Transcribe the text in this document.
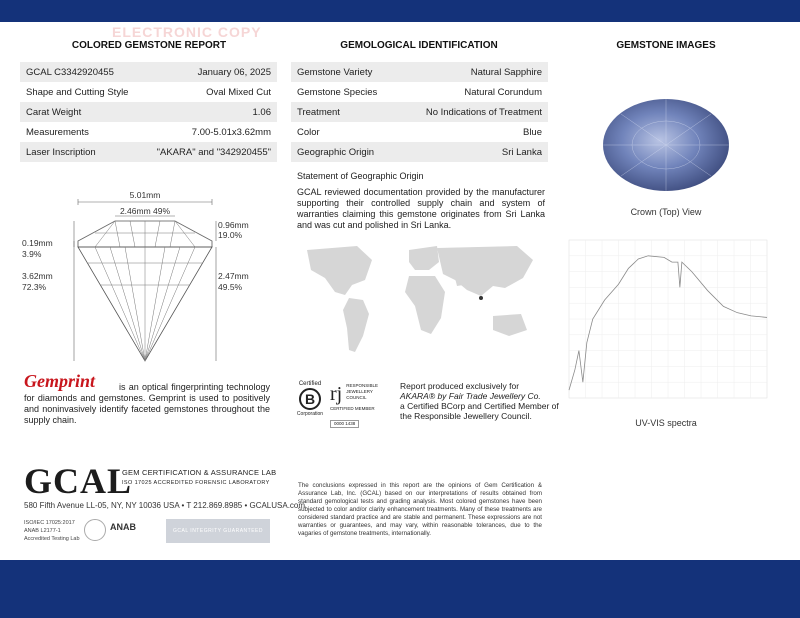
ELECTRONIC COPY
COLORED GEMSTONE REPORT	GEMOLOGICAL IDENTIFICATION	GEMSTONE IMAGES
GCAL C3342920455	January 06, 2025
Shape and Cutting Style	Oval Mixed Cut
Carat Weight	1.06
Measurements	7.00-5.01x3.62mm
Laser Inscription	"AKARA" and "342920455"
Gemstone Variety	Natural Sapphire
Gemstone Species	Natural Corundum
Treatment	No Indications of Treatment
Color	Blue
Geographic Origin	Sri Lanka
5.01mm
2.46mm 49%
0.96mm
19.0%
2.47mm
49.5%
0.19mm
3.9%
3.62mm
72.3%
Statement of Geographic Origin
GCAL reviewed documentation provided by the manufacturer supporting their controlled supply chain and system of warranties claiming this gemstone originates from Sri Lanka and was cut and polished in Sri Lanka.
Crown (Top) View
UV-VIS spectra
Gemprint	is an optical fingerprinting technology for diamonds and gemstones. Gemprint is used to positively and noninvasively identify faceted gemstones throughout the supply chain.
Certified
B
Corporation
rj RESPONSIBLE JEWELLERY COUNCIL
CERTIFIED MEMBER
0000 1438
Report produced exclusively for
AKARA® by Fair Trade Jewellery Co.
a Certified BCorp and Certified Member of the Responsible Jewellery Council.
GCAL
GEM CERTIFICATION & ASSURANCE LAB
ISO 17025 ACCREDITED FORENSIC LABORATORY
580 Fifth Avenue LL-05, NY, NY 10036 USA • T 212.869.8985 • GCALUSA.com
ISO/IEC 17025:2017
ANAB L2177-1
Accredited Testing Lab
ANAB	GCAL INTEGRITY GUARANTEED
The conclusions expressed in this report are the opinions of Gem Certification & Assurance Lab, Inc. (GCAL) based on our interpretations of results obtained from standard gemological tests and grading analysis. Most colored gemstones have been subjected to color and/or clarity enhancement treatments. Many of these treatments are considered standard practice and are stable and permanent. These expressions are not warranties or guarantees, and may vary, within reasonable tolerances, due to the vagaries of gemstone treatments, internationally.
